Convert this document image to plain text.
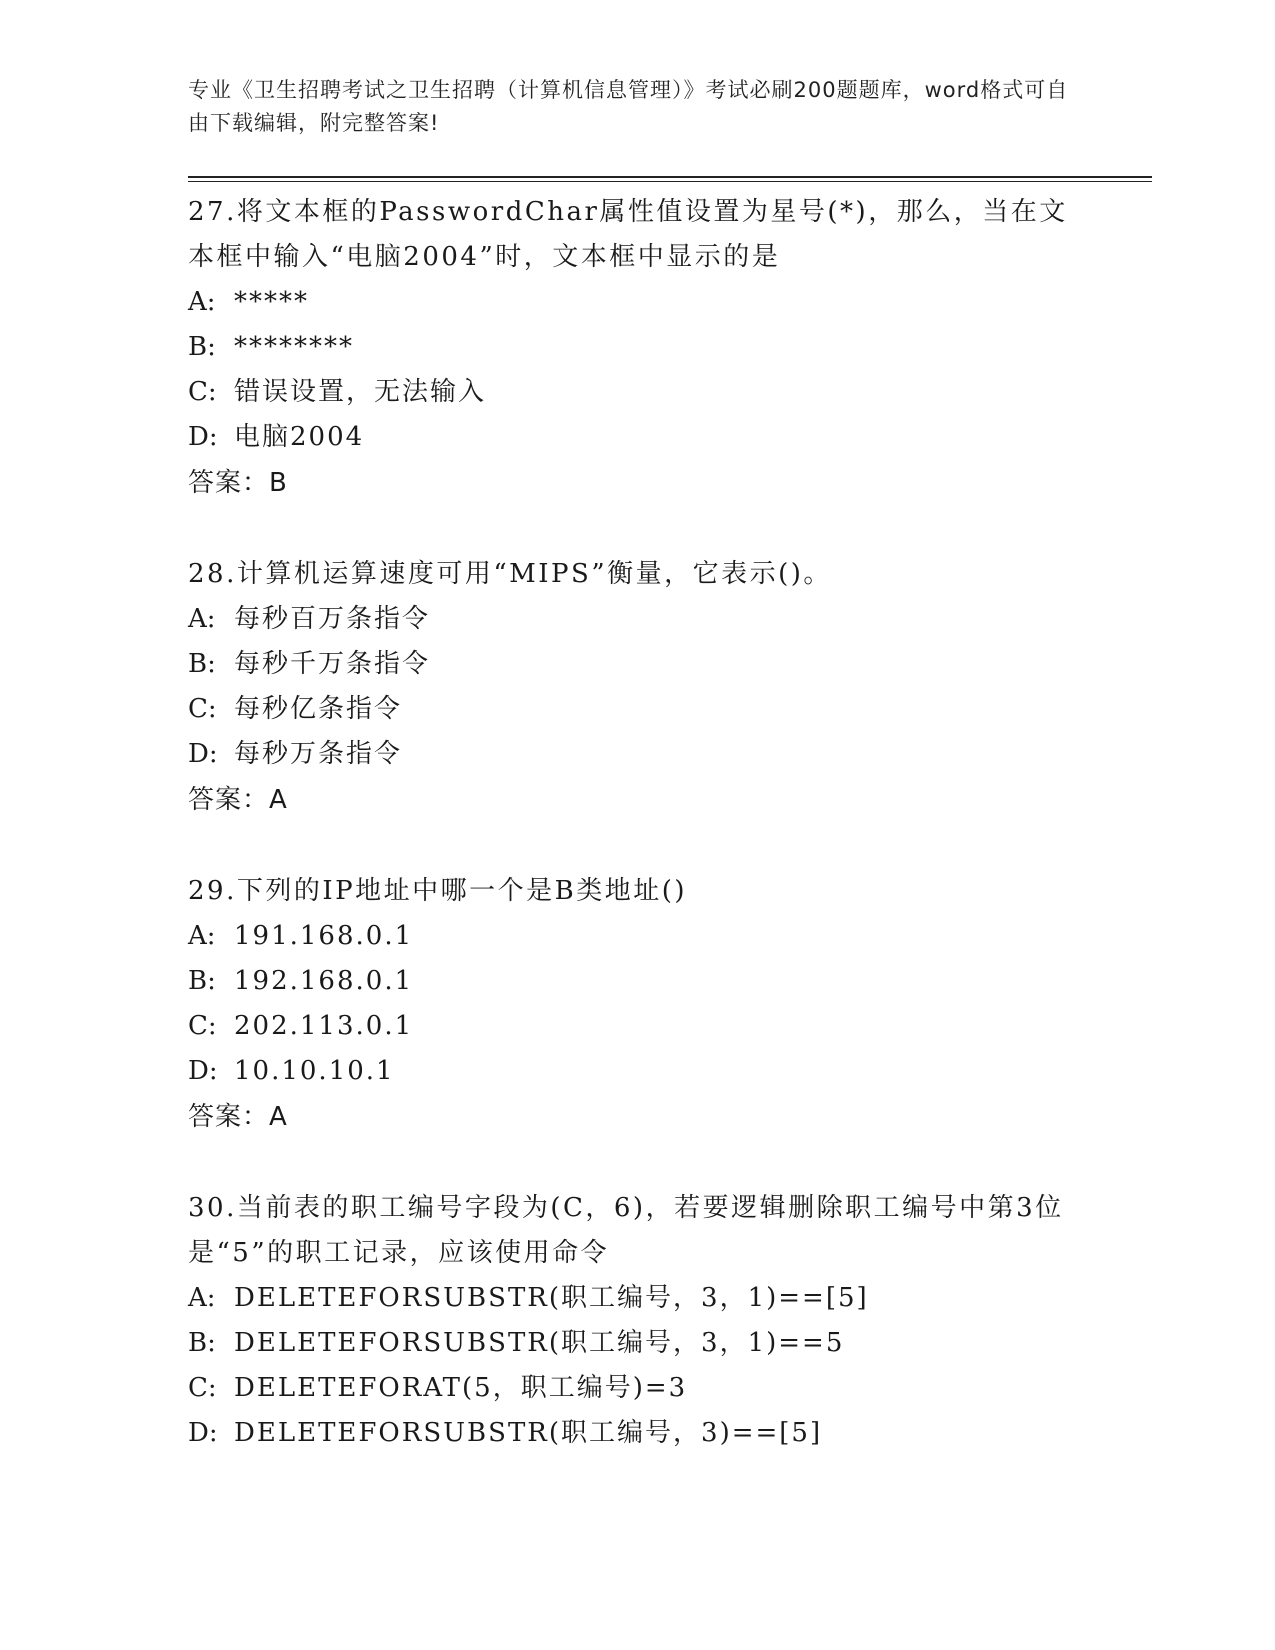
专业《卫生招聘考试之卫生招聘（计算机信息管理）》考试必刷200题题库，word格式可自由下载编辑，附完整答案!

27.将文本框的PasswordChar属性值设置为星号(*)，那么，当在文本框中输入“电脑2004”时，文本框中显示的是

A: *****

B: ********

C: 错误设置，无法输入

D: 电脑2004

答案：B

28.计算机运算速度可用“MIPS”衡量，它表示()。

A: 每秒百万条指令

B: 每秒千万条指令

C: 每秒亿条指令

D: 每秒万条指令

答案：A

29.下列的IP地址中哪一个是B类地址()

A: 191.168.0.1

B: 192.168.0.1

C: 202.113.0.1

D: 10.10.10.1

答案：A

30.当前表的职工编号字段为(C，6)，若要逻辑删除职工编号中第3位是“5”的职工记录，应该使用命令

A: DELETEFORSUBSTR(职工编号，3，1)==[5]

B: DELETEFORSUBSTR(职工编号，3，1)==5

C: DELETEFORAT(5，职工编号)=3

D: DELETEFORSUBSTR(职工编号，3)==[5]
